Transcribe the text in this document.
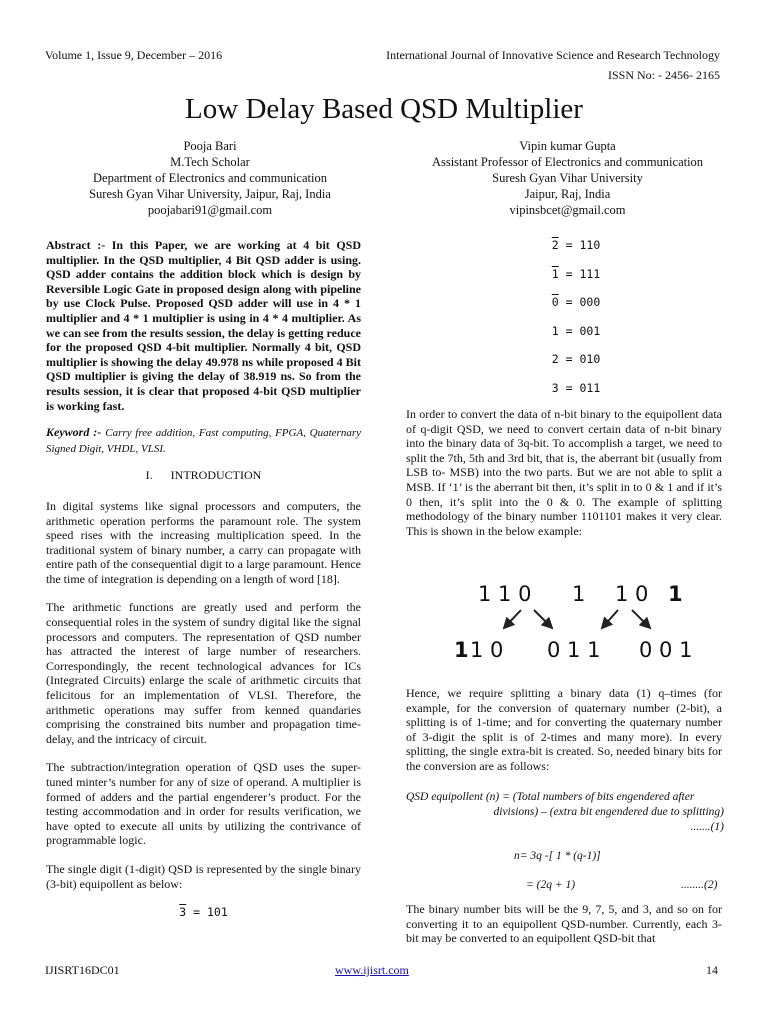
Volume 1, Issue 9, December – 2016	International Journal of Innovative Science and Research Technology
ISSN No: - 2456- 2165
Low Delay Based QSD Multiplier
Pooja Bari
M.Tech Scholar
Department of Electronics and communication
Suresh Gyan Vihar University, Jaipur, Raj, India
poojabari91@gmail.com
Vipin kumar Gupta
Assistant Professor of Electronics and communication
Suresh Gyan Vihar University
Jaipur, Raj, India
vipinsbcet@gmail.com

Abstract :- In this Paper, we are working at 4 bit QSD multiplier. In the QSD multiplier, 4 Bit QSD adder is using. QSD adder contains the addition block which is design by Reversible Logic Gate in proposed design along with pipeline by use Clock Pulse. Proposed QSD adder will use in 4 * 1 multiplier and 4 * 1 multiplier is using in 4 * 4 multiplier. As we can see from the results session, the delay is getting reduce for the proposed QSD 4-bit multiplier. Normally 4 bit, QSD multiplier is showing the delay 49.978 ns while proposed 4 Bit QSD multiplier is giving the delay of 38.919 ns. So from the results session, it is clear that proposed 4-bit QSD multiplier is working fast.

Keyword :- Carry free addition, Fast computing, FPGA, Quaternary Signed Digit, VHDL, VLSI.

I. INTRODUCTION

In digital systems like signal processors and computers, the arithmetic operation performs the paramount role. The system speed rises with the increasing multiplication speed. In the traditional system of binary number, a carry can propagate with entire path of the consequential digit to a large paramount. Hence the time of integration is depending on a length of word [18].

The arithmetic functions are greatly used and perform the consequential roles in the system of sundry digital like the signal processors and computers. The representation of QSD number has attracted the interest of large number of researchers. Correspondingly, the recent technological advances for ICs (Integrated Circuits) enlarge the scale of arithmetic circuits that felicitous for an implementation of VLSI. Therefore, the arithmetic operations may suffer from kenned quandaries comprising the constrained bits number and propagation time-delay, and the intricacy of circuit.

The subtraction/integration operation of QSD uses the super-tuned minter’s number for any of size of operand. A multiplier is formed of adders and the partial engenderer’s product. For the testing accommodation and in order for results verification, we have opted to execute all units by utilizing the contrivance of programmable logic.

The single digit (1-digit) QSD is represented by the single binary (3-bit) equipollent as below:

3 = 101

2 = 110
1 = 111
0 = 000
1 = 001
2 = 010
3 = 011

In order to convert the data of n-bit binary to the equipollent data of q-digit QSD, we need to convert certain data of n-bit binary into the binary data of 3q-bit. To accomplish a target, we need to split the 7th, 5th and 3rd bit, that is, the aberrant bit (usually from LSB to- MSB) into the two parts. But we are not able to split a MSB. If ‘1’ is the aberrant bit then, it’s split in to 0 & 1 and if it’s 0 then, it’s split into the 0 & 0. The example of splitting methodology of the binary number 1101101 makes it very clear. This is shown in the below example:

1 1 0 1 1 0 1
1 1 0 0 1 1 0 0 1

Hence, we require splitting a binary data (1) q–times (for example, for the conversion of quaternary number (2-bit), a splitting is of 1-time; and for converting the quaternary number of 3-digit the split is of 2-times and many more). In every splitting, the single extra-bit is created. So, needed binary bits for the conversion are as follows:

QSD equipollent (n) = (Total numbers of bits engendered after
divisions) – (extra bit engendered due to splitting)
.......(1)
n= 3q -[ 1 * (q-1)]
= (2q + 1)	........(2)

The binary number bits will be the 9, 7, 5, and 3, and so on for converting it to an equipollent QSD-number. Currently, each 3-bit may be converted to an equipollent QSD-bit that

IJISRT16DC01	www.ijisrt.com	14
